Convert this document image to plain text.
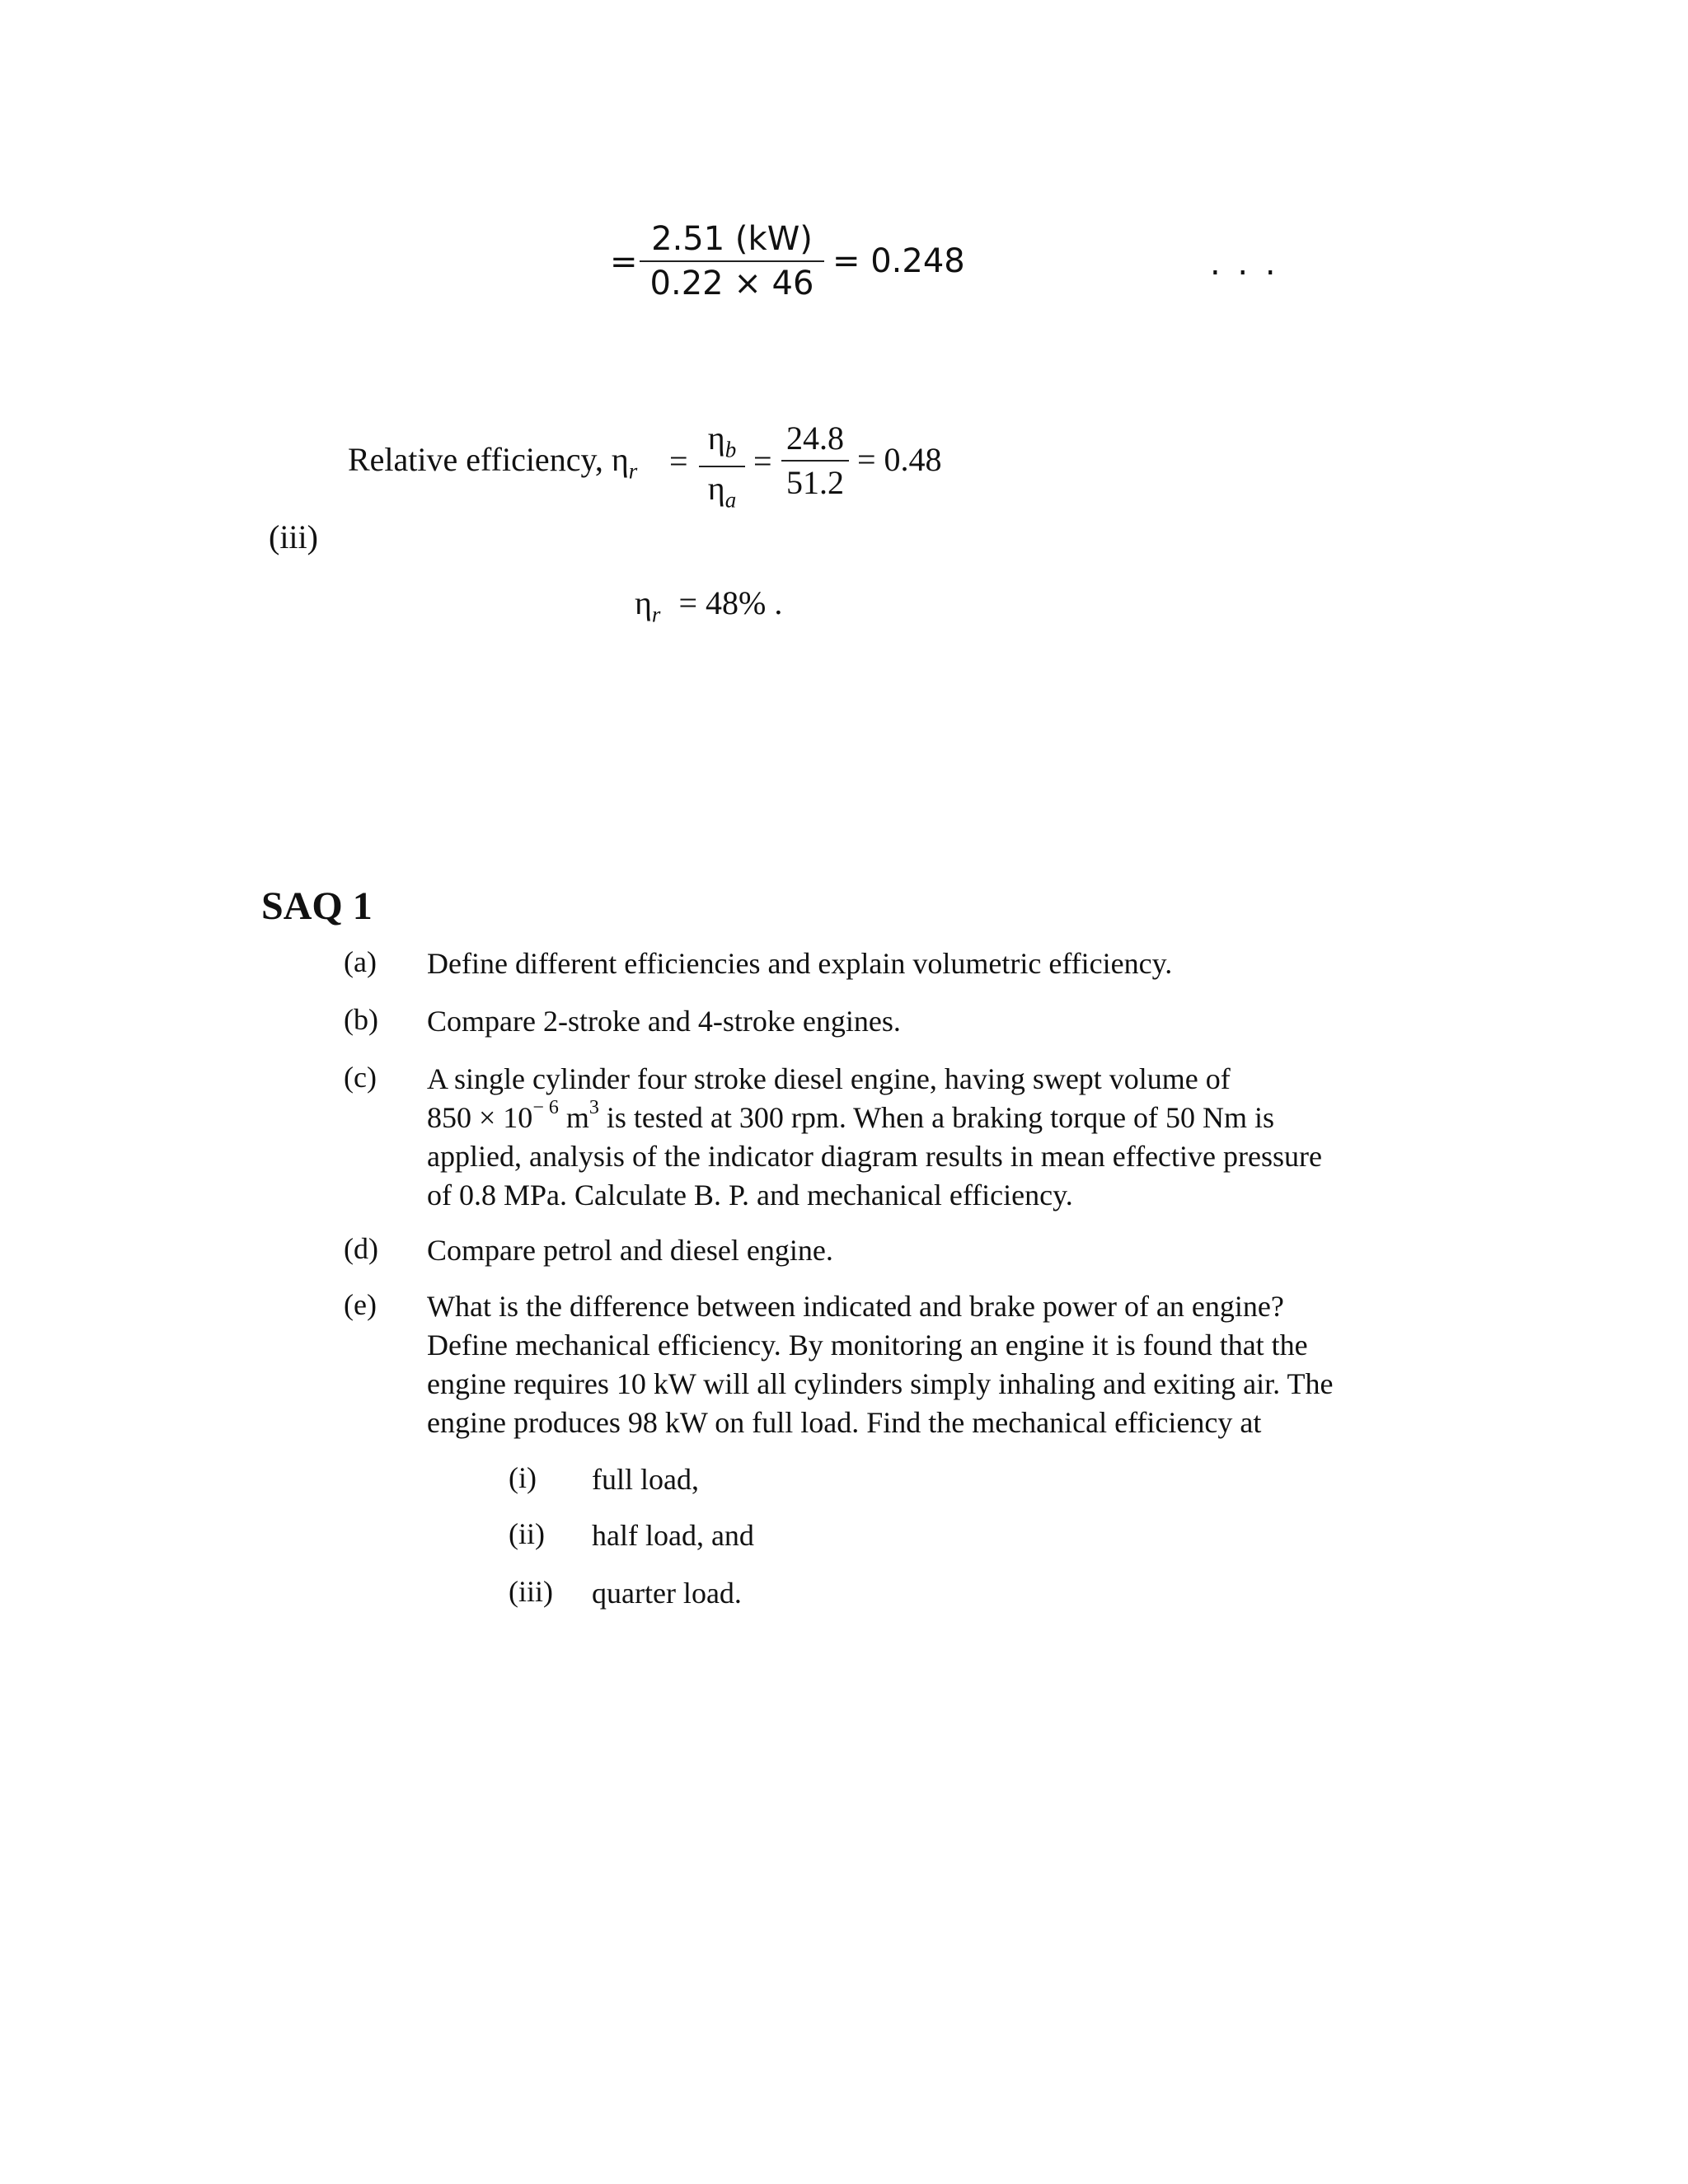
=
2.51 (kW)
0.22 × 46
= 0.248	. . .
Relative efficiency, $\eta_r$ =
$\eta_b$
$\eta_a$
=
24.8
51.2
= 0.48
(iii)
$\eta_r = 48\%$ .
SAQ 1
(a) Define different efficiencies and explain volumetric efficiency.
(b) Compare 2-stroke and 4-stroke engines.
(c) A single cylinder four stroke diesel engine, having swept volume of
$850 \times 10^{- 6}$ $m^3$ is tested at 300 rpm. When a braking torque of 50 Nm is
applied, analysis of the indicator diagram results in mean effective pressure
of 0.8 MPa. Calculate B. P. and mechanical efficiency.
(d) Compare petrol and diesel engine.
(e) What is the difference between indicated and brake power of an engine?
Define mechanical efficiency. By monitoring an engine it is found that the
engine requires 10 kW will all cylinders simply inhaling and exiting air. The
engine produces 98 kW on full load. Find the mechanical efficiency at
(i) full load,
(ii) half load, and
(iii) quarter load.
